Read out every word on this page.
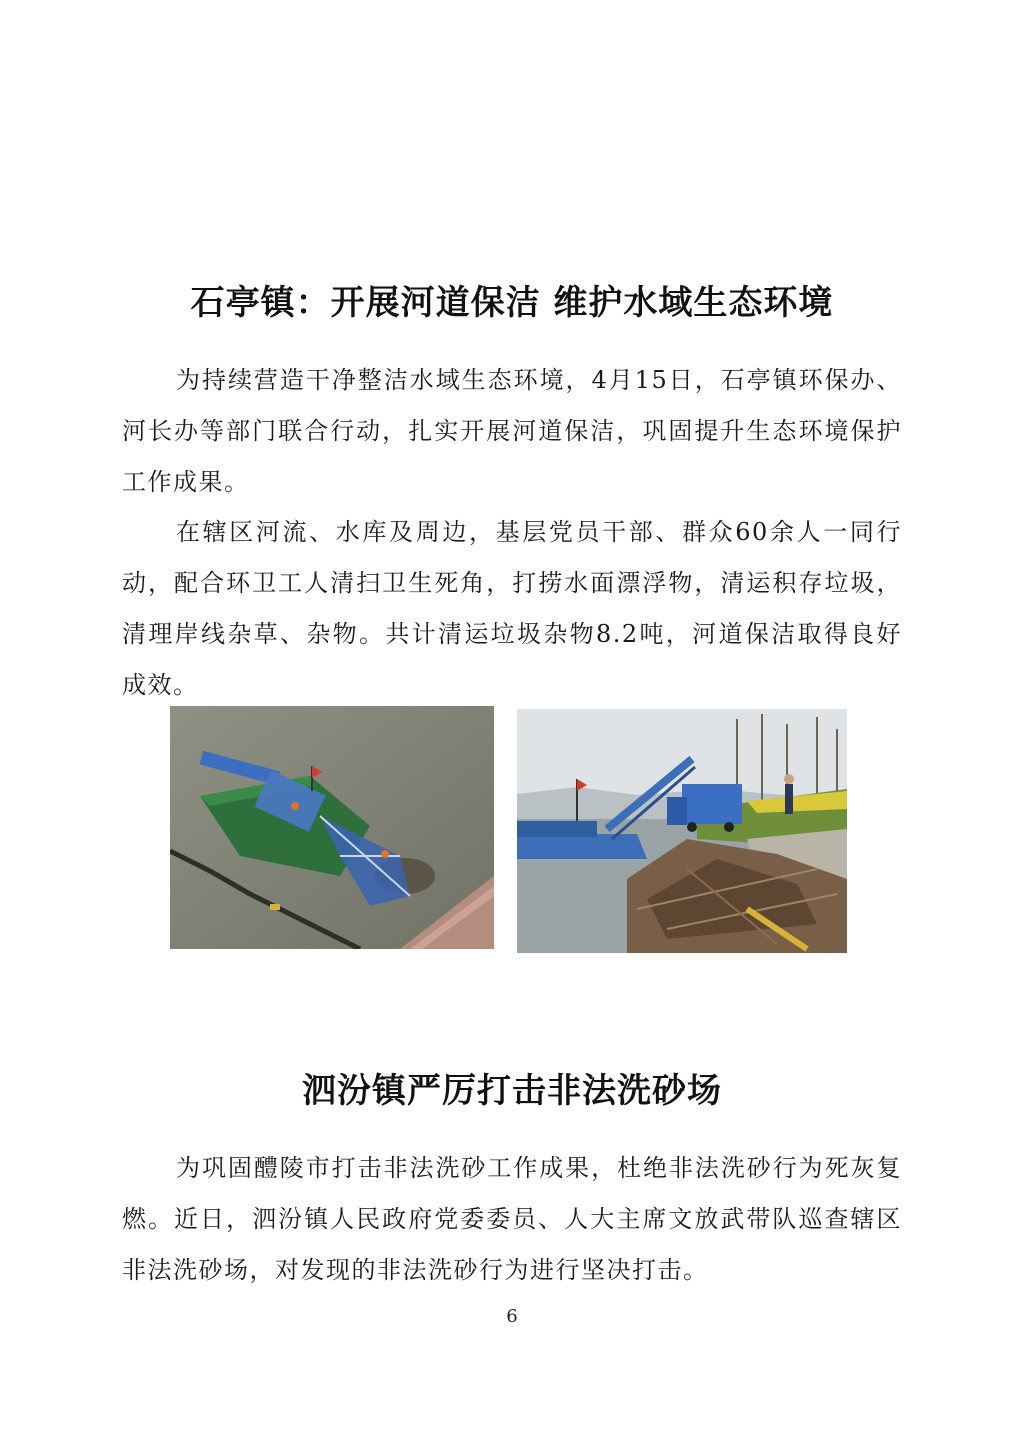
石亭镇：开展河道保洁 维护水域生态环境

为持续营造干净整洁水域生态环境，4月15日，石亭镇环保办、河长办等部门联合行动，扎实开展河道保洁，巩固提升生态环境保护工作成果。

在辖区河流、水库及周边，基层党员干部、群众60余人一同行动，配合环卫工人清扫卫生死角，打捞水面漂浮物，清运积存垃圾，清理岸线杂草、杂物。共计清运垃圾杂物8.2吨，河道保洁取得良好成效。

泗汾镇严厉打击非法洗砂场

为巩固醴陵市打击非法洗砂工作成果，杜绝非法洗砂行为死灰复燃。近日，泗汾镇人民政府党委委员、人大主席文放武带队巡查辖区非法洗砂场，对发现的非法洗砂行为进行坚决打击。

6
